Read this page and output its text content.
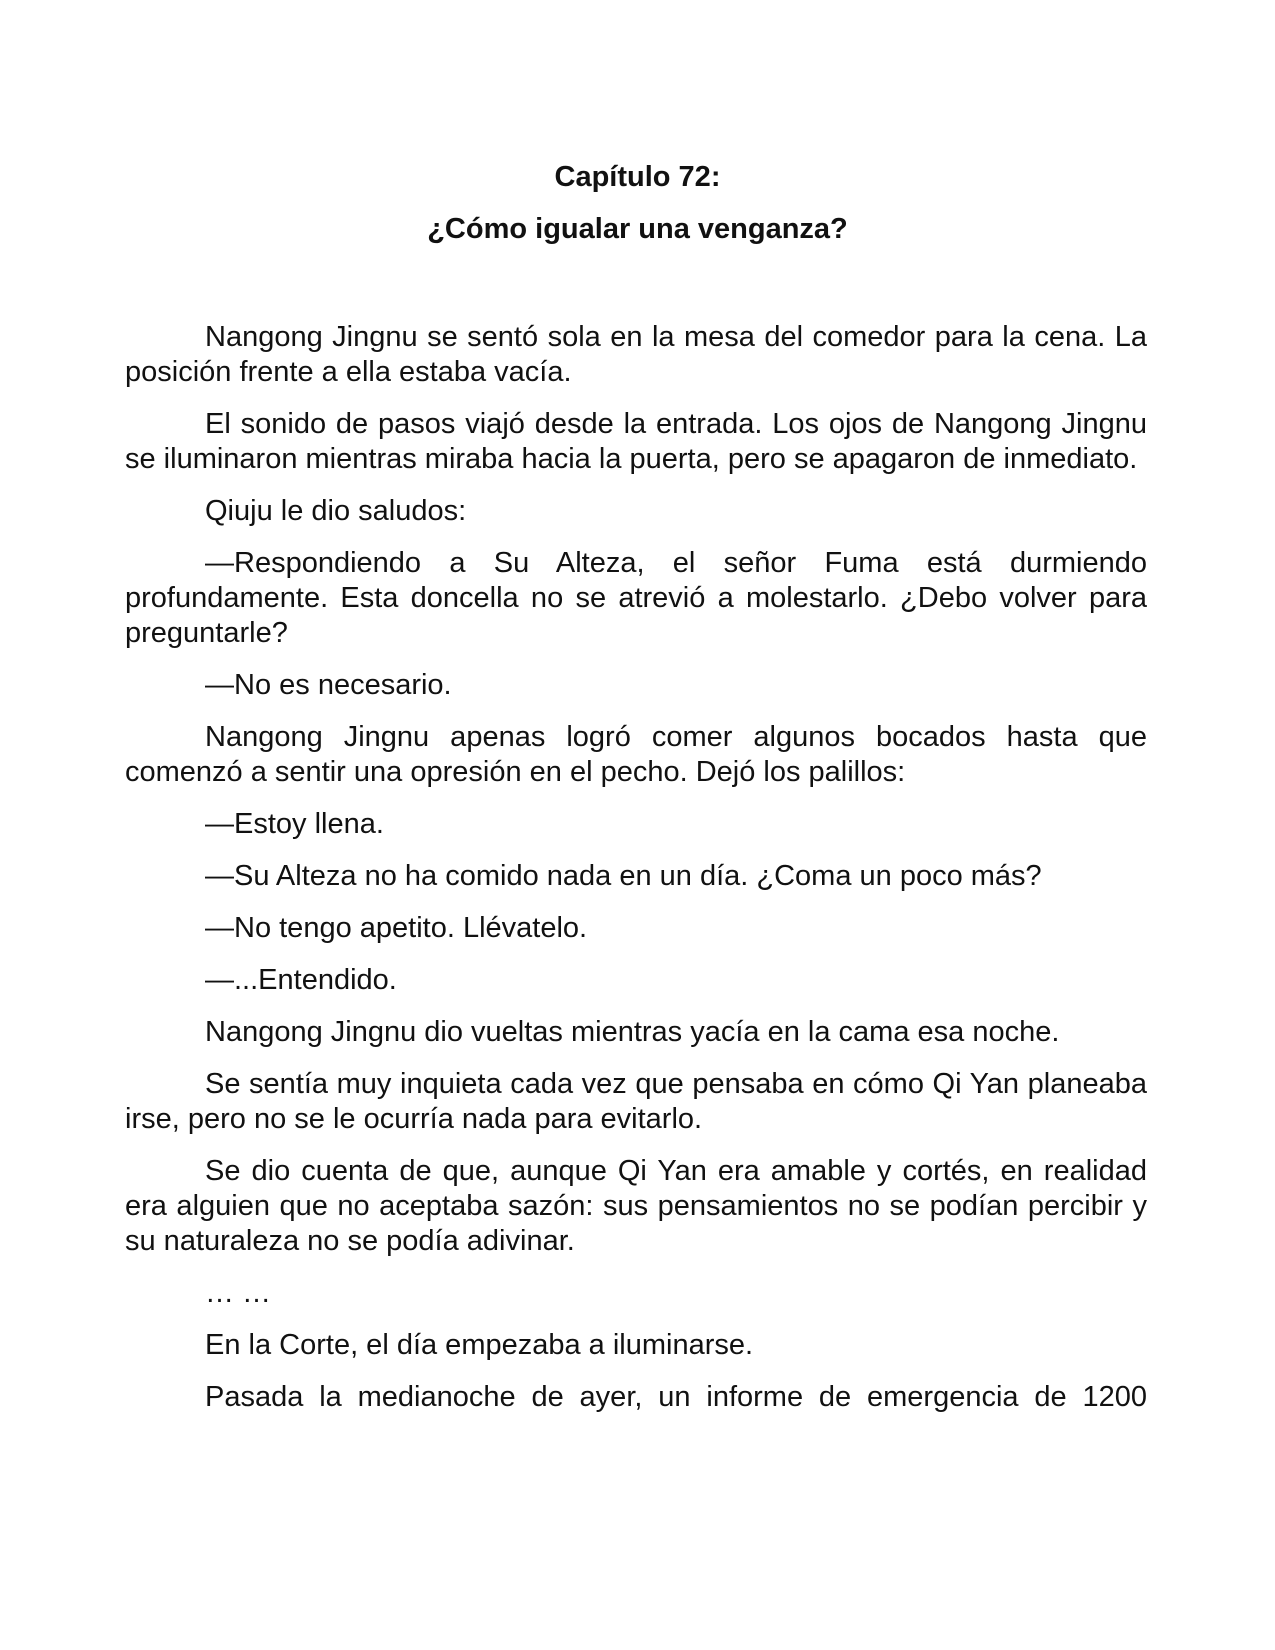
Capítulo 72:
¿Cómo igualar una venganza?

Nangong Jingnu se sentó sola en la mesa del comedor para la cena. La posición frente a ella estaba vacía.

El sonido de pasos viajó desde la entrada. Los ojos de Nangong Jingnu se iluminaron mientras miraba hacia la puerta, pero se apagaron de inmediato.

Qiuju le dio saludos:

—Respondiendo a Su Alteza, el señor Fuma está durmiendo profundamente. Esta doncella no se atrevió a molestarlo. ¿Debo volver para preguntarle?

—No es necesario.

Nangong Jingnu apenas logró comer algunos bocados hasta que comenzó a sentir una opresión en el pecho. Dejó los palillos:

—Estoy llena.

—Su Alteza no ha comido nada en un día. ¿Coma un poco más?

—No tengo apetito. Llévatelo.

—...Entendido.

Nangong Jingnu dio vueltas mientras yacía en la cama esa noche.

Se sentía muy inquieta cada vez que pensaba en cómo Qi Yan planeaba irse, pero no se le ocurría nada para evitarlo.

Se dio cuenta de que, aunque Qi Yan era amable y cortés, en realidad era alguien que no aceptaba sazón: sus pensamientos no se podían percibir y su naturaleza no se podía adivinar.

… …

En la Corte, el día empezaba a iluminarse.

Pasada la medianoche de ayer, un informe de emergencia de 1200
